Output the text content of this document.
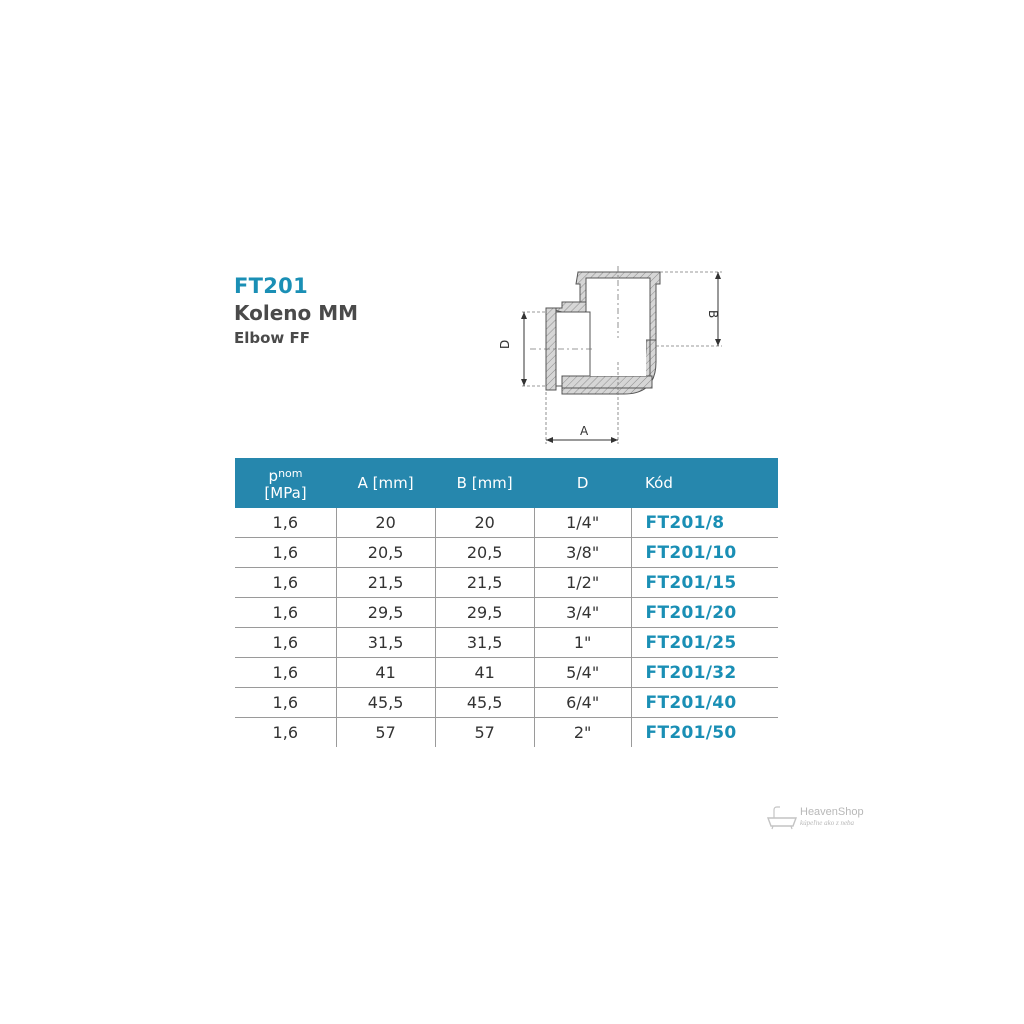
FT201
Koleno MM
Elbow FF
B
D
A
$p_{nom}$
[MPa]	A [mm]	B [mm]	D	Kód
1,6	20	20	1/4"	FT201/8
1,6	20,5	20,5	3/8"	FT201/10
1,6	21,5	21,5	1/2"	FT201/15
1,6	29,5	29,5	3/4"	FT201/20
1,6	31,5	31,5	1"	FT201/25
1,6	41	41	5/4"	FT201/32
1,6	45,5	45,5	6/4"	FT201/40
1,6	57	57	2"	FT201/50
HeavenShop
kúpeľne ako z neba
